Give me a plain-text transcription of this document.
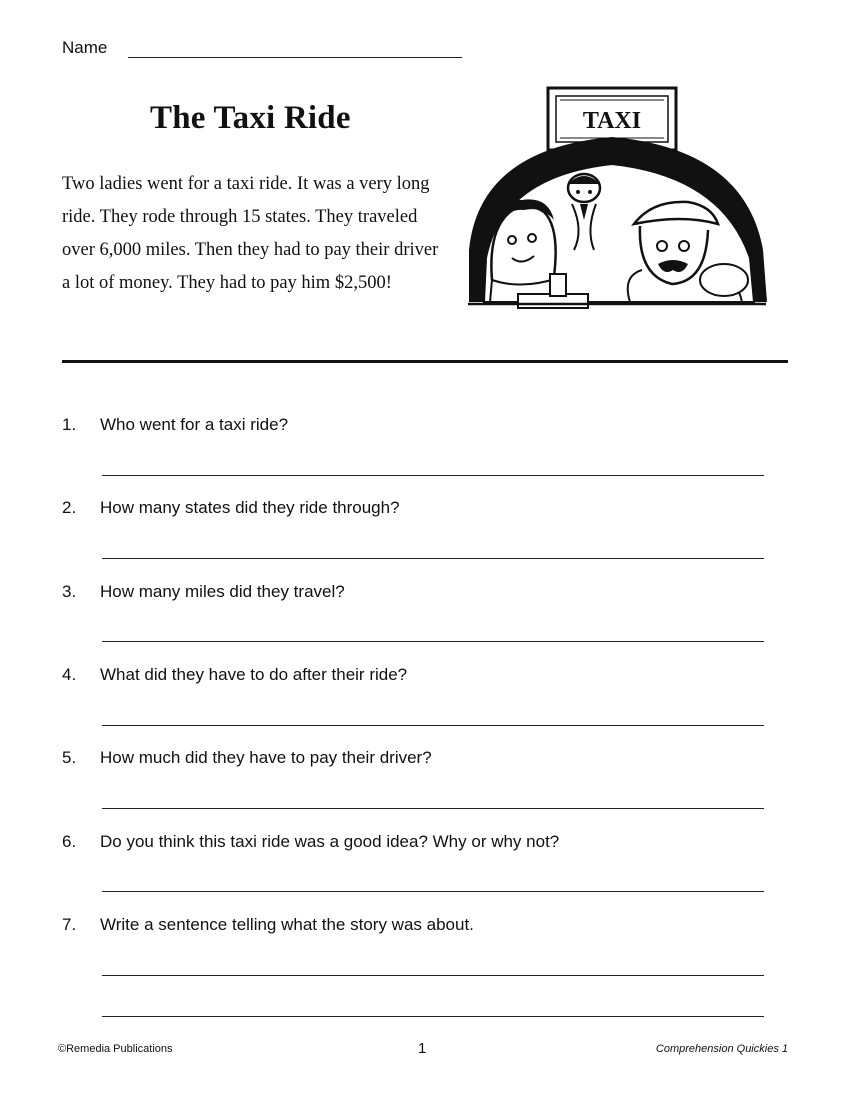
Name
The Taxi Ride
Two ladies went for a taxi ride. It was a very long
ride. They rode through 15 states. They traveled
over 6,000 miles. Then they had to pay their driver
a lot of money. They had to pay him $2,500!
TAXI
1. Who went for a taxi ride?
2. How many states did they ride through?
3. How many miles did they travel?
4. What did they have to do after their ride?
5. How much did they have to pay their driver?
6. Do you think this taxi ride was a good idea? Why or why not?
7. Write a sentence telling what the story was about.
©Remedia Publications	1	Comprehension Quickies 1
